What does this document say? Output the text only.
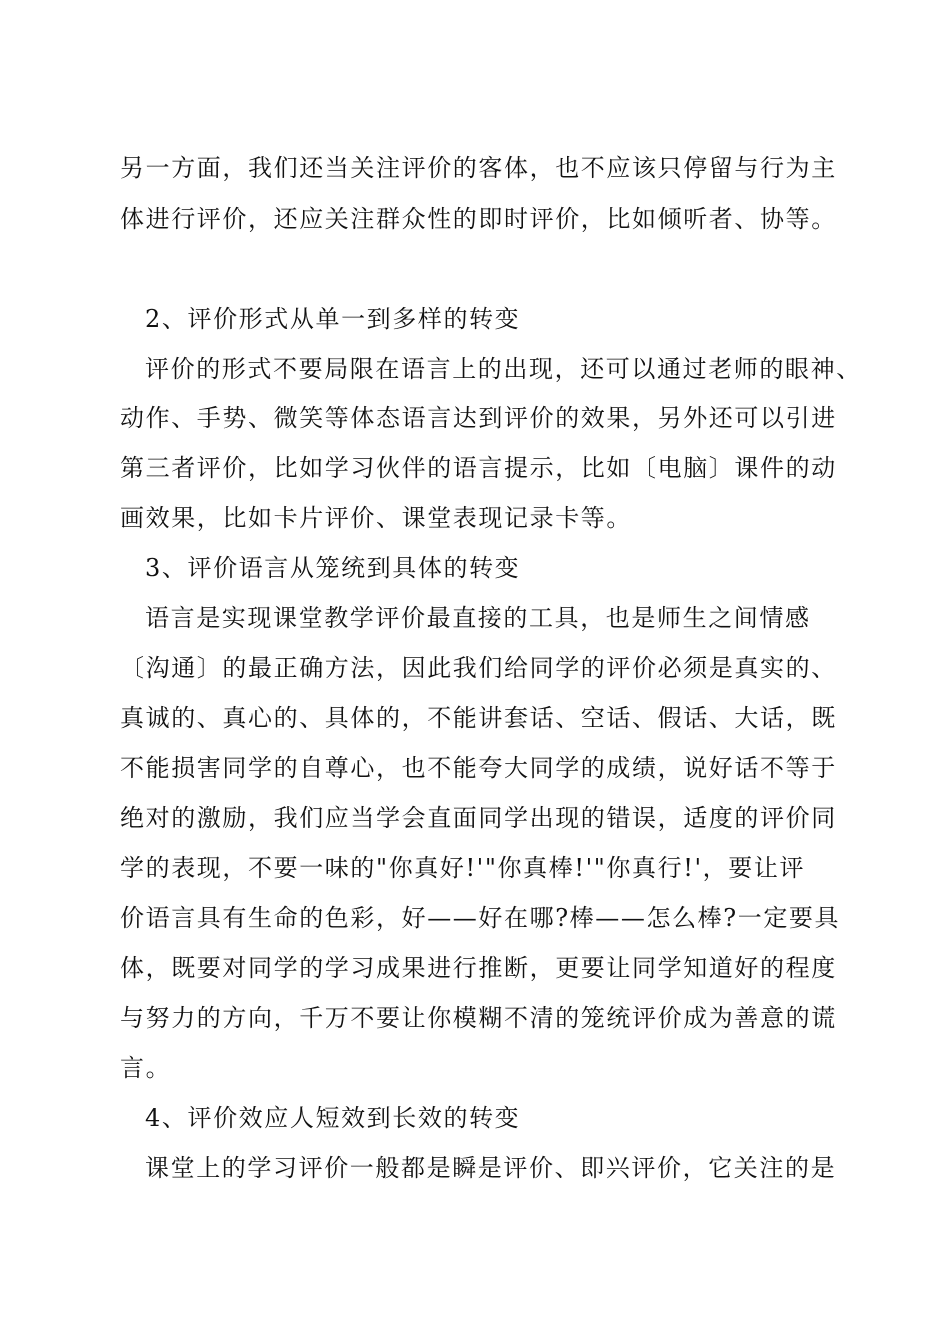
另一方面，我们还当关注评价的客体，也不应该只停留与行为主
体进行评价，还应关注群众性的即时评价，比如倾听者、协等。
2、评价形式从单一到多样的转变
评价的形式不要局限在语言上的出现，还可以通过老师的眼神、
动作、手势、微笑等体态语言达到评价的效果，另外还可以引进
第三者评价，比如学习伙伴的语言提示，比如〔电脑〕课件的动
画效果，比如卡片评价、课堂表现记录卡等。
3、评价语言从笼统到具体的转变
语言是实现课堂教学评价最直接的工具，也是师生之间情感
〔沟通〕的最正确方法，因此我们给同学的评价必须是真实的、
真诚的、真心的、具体的，不能讲套话、空话、假话、大话，既
不能损害同学的自尊心，也不能夸大同学的成绩，说好话不等于
绝对的激励，我们应当学会直面同学出现的错误，适度的评价同
学的表现，不要一味的"你真好!'"你真棒!'"你真行!'，要让评
价语言具有生命的色彩，好——好在哪?棒——怎么棒?一定要具
体，既要对同学的学习成果进行推断，更要让同学知道好的程度
与努力的方向，千万不要让你模糊不清的笼统评价成为善意的谎
言。
4、评价效应人短效到长效的转变
课堂上的学习评价一般都是瞬是评价、即兴评价，它关注的是
